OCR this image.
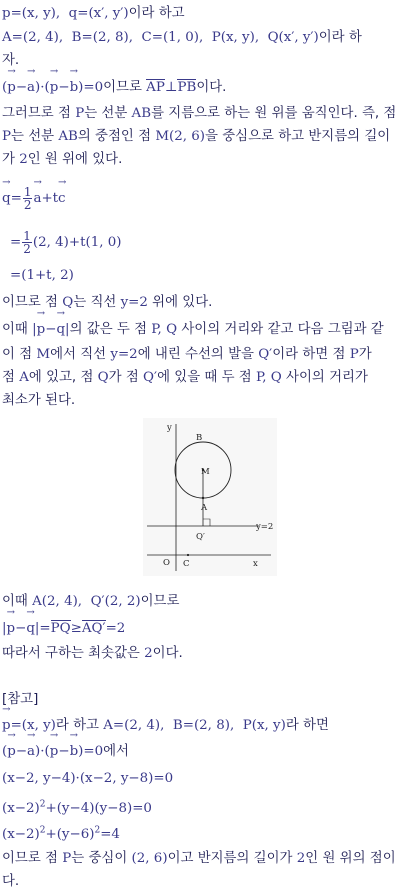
→ p=(x, y),  → q=(x′, y′)이라 하고
A=(2, 4),  B=(2, 8),  C=(1, 0),  P(x, y),  Q(x′, y′)이라 하
자.
(→ p−→ a)·(→ p−→ b)=0이므로 AP⊥PB이다.
그러므로 점 P는 선분 AB를 지름으로 하는 원 위를 움직인다. 즉, 점
P는 선분 AB의 중점인 점 M(2, 6)을 중심으로 하고 반지름의 길이
가 2인 원 위에 있다.
→ $q= \frac{1}{2}$
→ a+t→ c
= $\frac{1}{2} (2$, 4)+t(1, 0)
=(1+t, 2)
이므로 점 Q는 직선 y=2 위에 있다.
이때 |→ p−→ q|의 값은 두 점 P, Q 사이의 거리와 같고 다음 그림과 같
이 점 M에서 직선 y=2에 내린 수선의 발을 Q′이라 하면 점 P가
점 A에 있고, 점 Q가 점 Q′에 있을 때 두 점 P, Q 사이의 거리가
최소가 된다.
y
x
O
B
M
A
Q′
C
y=2
이때 A(2, 4),  Q′(2, 2)이므로
|→ p−→ q|=PQ≥AQ′=2
따라서 구하는 최솟값은 2이다.
[참고]
→ p=(x, y)라 하고 A=(2, 4),  B=(2, 8),  P(x, y)라 하면
(→ p−→ a)·(→ p−→ b)=0에서
(x−2, y−4)·(x−2, y−8)=0
$(x-2)^2+(y-4)(y-8)=0$
$(x-2)^2+(y-6)^2=4$
이므로 점 P는 중심이 (2, 6)이고 반지름의 길이가 2인 원 위의 점이
다.
